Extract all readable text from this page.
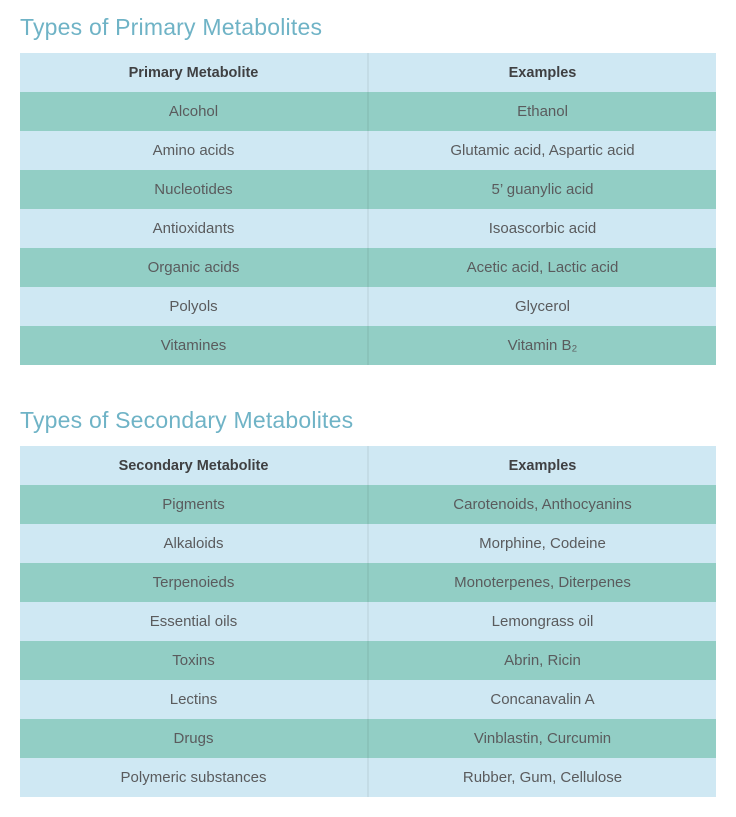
Types of Primary Metabolites
Primary Metabolite	Examples
Alcohol	Ethanol
Amino acids	Glutamic acid, Aspartic acid
Nucleotides	5’ guanylic acid
Antioxidants	Isoascorbic acid
Organic acids	Acetic acid, Lactic acid
Polyols	Glycerol
Vitamines	Vitamin B₂
Types of Secondary Metabolites
Secondary Metabolite	Examples
Pigments	Carotenoids, Anthocyanins
Alkaloids	Morphine, Codeine
Terpenoieds	Monoterpenes, Diterpenes
Essential oils	Lemongrass oil
Toxins	Abrin, Ricin
Lectins	Concanavalin A
Drugs	Vinblastin, Curcumin
Polymeric substances	Rubber, Gum, Cellulose
